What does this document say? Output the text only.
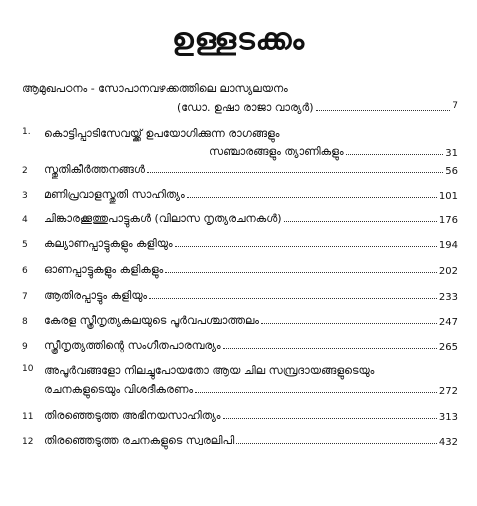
ഉള്ളടക്കം
ആമുഖപഠനം - സോപാനവഴക്കത്തിലെ ലാസ്യലയനം
(ഡോ. ഉഷാ രാജാ വാര്യർ)	7
1.	കൊട്ടിപ്പാടിസേവയ്ക്ക് ഉപയോഗിക്കുന്ന രാഗങ്ങളും
സഞ്ചാരങ്ങളും ത്യാണികളും	31
2	സ്തുതികീർത്തനങ്ങൾ	56
3	മണിപ്രവാളസ്തുതി സാഹിത്യം	101
4	ചിങ്കാരക്കൂത്തുപാട്ടുകൾ (വിലാസ നൃത്യരചനകൾ)	176
5	കല്യാണപ്പാട്ടുകളും കളിയും	194
6	ഓണപ്പാട്ടുകളും കളികളും	202
7	ആതിരപ്പാട്ടും കളിയും	233
8	കേരള സ്ത്രീനൃത്യകലയുടെ പൂർവപശ്ചാത്തലം	247
9	സ്ത്രീനൃത്യത്തിന്റെ സംഗീതപാരമ്പര്യം	265
10 അപൂർവങ്ങളോ നിലച്ചുപോയതോ ആയ ചില സമ്പ്രദായങ്ങളുടെയും
രചനകളുടെയും വിശദീകരണം	272
11 തിരഞ്ഞെടുത്ത അഭിനയസാഹിത്യം	313
12 തിരഞ്ഞെടുത്ത രചനകളുടെ സ്വരലിപി	432
